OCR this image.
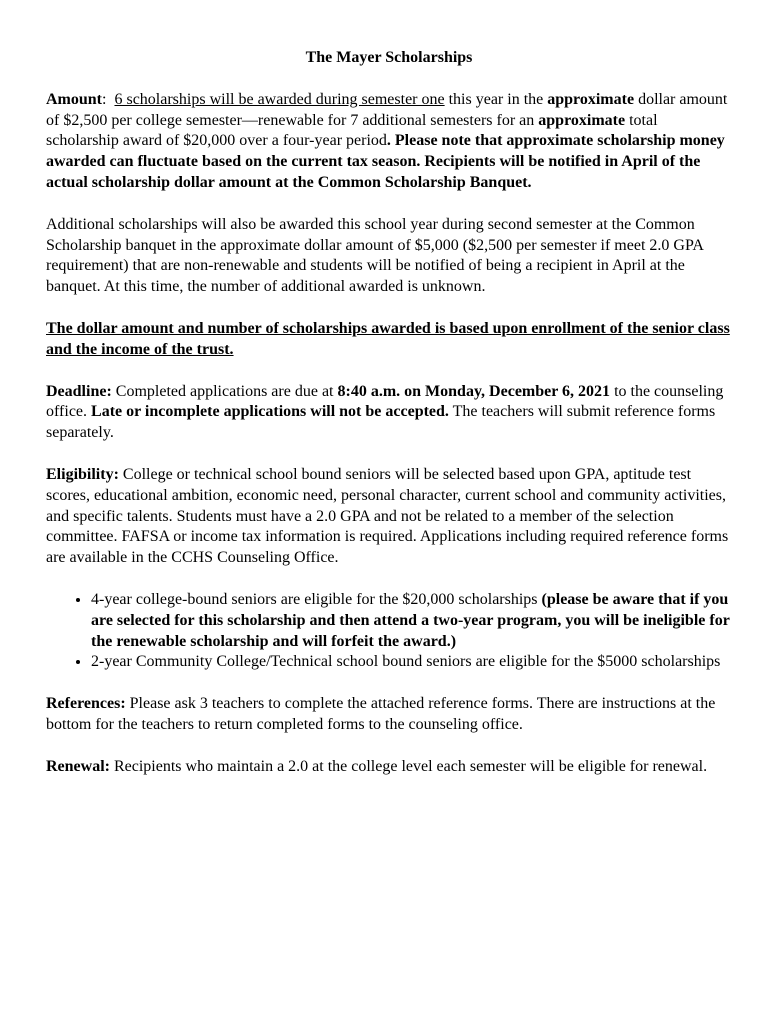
The Mayer Scholarships

Amount: 6 scholarships will be awarded during semester one this year in the approximate dollar amount of $2,500 per college semester—renewable for 7 additional semesters for an approximate total scholarship award of $20,000 over a four-year period. Please note that approximate scholarship money awarded can fluctuate based on the current tax season. Recipients will be notified in April of the actual scholarship dollar amount at the Common Scholarship Banquet.

Additional scholarships will also be awarded this school year during second semester at the Common Scholarship banquet in the approximate dollar amount of $5,000 ($2,500 per semester if meet 2.0 GPA requirement) that are non-renewable and students will be notified of being a recipient in April at the banquet. At this time, the number of additional awarded is unknown.

The dollar amount and number of scholarships awarded is based upon enrollment of the senior class and the income of the trust.

Deadline: Completed applications are due at 8:40 a.m. on Monday, December 6, 2021 to the counseling office. Late or incomplete applications will not be accepted. The teachers will submit reference forms separately.

Eligibility: College or technical school bound seniors will be selected based upon GPA, aptitude test scores, educational ambition, economic need, personal character, current school and community activities, and specific talents. Students must have a 2.0 GPA and not be related to a member of the selection committee. FAFSA or income tax information is required. Applications including required reference forms are available in the CCHS Counseling Office.

• 4-year college-bound seniors are eligible for the $20,000 scholarships (please be aware that if you are selected for this scholarship and then attend a two-year program, you will be ineligible for the renewable scholarship and will forfeit the award.)
• 2-year Community College/Technical school bound seniors are eligible for the $5000 scholarships

References: Please ask 3 teachers to complete the attached reference forms. There are instructions at the bottom for the teachers to return completed forms to the counseling office.

Renewal: Recipients who maintain a 2.0 at the college level each semester will be eligible for renewal.
